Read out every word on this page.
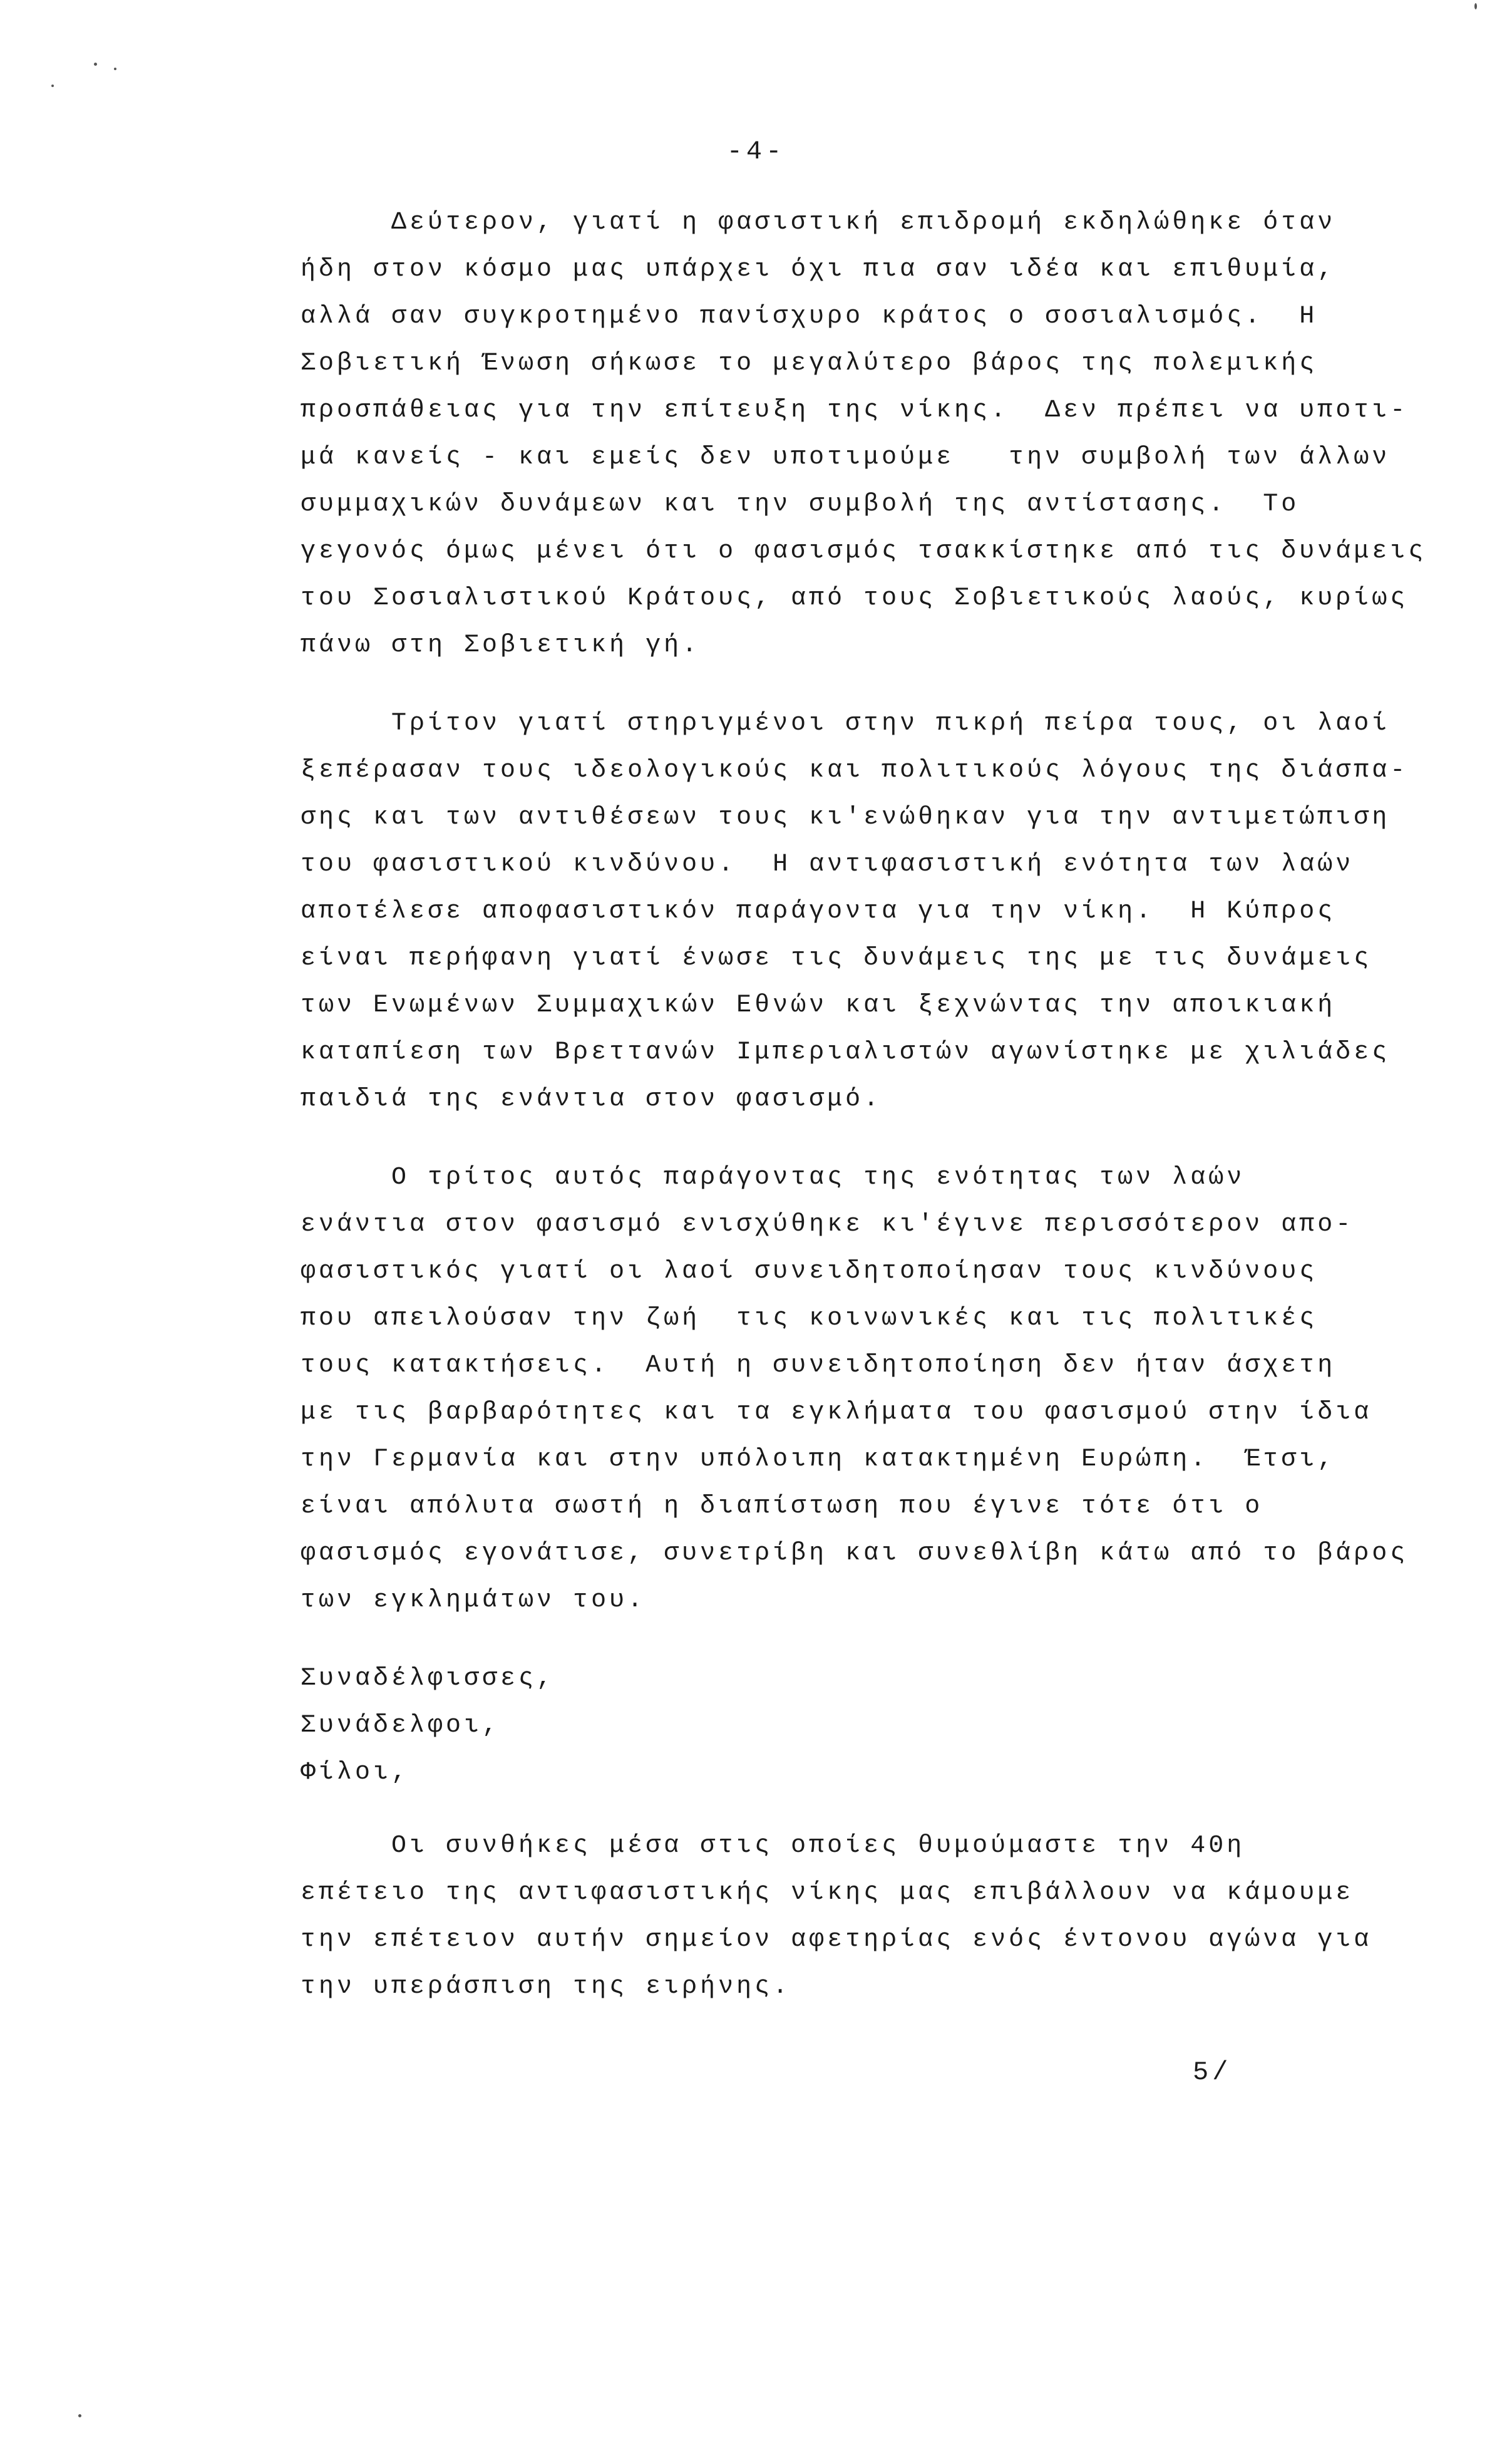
-4-
Δεύτερον, γιατί η φασιστική επιδρομή εκδηλώθηκε όταν
ήδη στον κόσμο μας υπάρχει όχι πια σαν ιδέα και επιθυμία,
αλλά σαν συγκροτημένο πανίσχυρο κράτος ο σοσιαλισμός.  Η
Σοβιετική Ένωση σήκωσε το μεγαλύτερο βάρος της πολεμικής
προσπάθειας για την επίτευξη της νίκης.  Δεν πρέπει να υποτι-
μά κανείς - και εμείς δεν υποτιμούμε   την συμβολή των άλλων
συμμαχικών δυνάμεων και την συμβολή της αντίστασης.  Το
γεγονός όμως μένει ότι ο φασισμός τσακκίστηκε από τις δυνάμεις
του Σοσιαλιστικού Κράτους, από τους Σοβιετικούς λαούς, κυρίως
πάνω στη Σοβιετική γή.
Τρίτον γιατί στηριγμένοι στην πικρή πείρα τους, οι λαοί
ξεπέρασαν τους ιδεολογικούς και πολιτικούς λόγους της διάσπα-
σης και των αντιθέσεων τους κι'ενώθηκαν για την αντιμετώπιση
του φασιστικού κινδύνου.  Η αντιφασιστική ενότητα των λαών
αποτέλεσε αποφασιστικόν παράγοντα για την νίκη.  Η Κύπρος
είναι περήφανη γιατί ένωσε τις δυνάμεις της με τις δυνάμεις
των Ενωμένων Συμμαχικών Εθνών και ξεχνώντας την αποικιακή
καταπίεση των Βρεττανών Ιμπεριαλιστών αγωνίστηκε με χιλιάδες
παιδιά της ενάντια στον φασισμό.
Ο τρίτος αυτός παράγοντας της ενότητας των λαών
ενάντια στον φασισμό ενισχύθηκε κι'έγινε περισσότερον απο-
φασιστικός γιατί οι λαοί συνειδητοποίησαν τους κινδύνους
που απειλούσαν την ζωή  τις κοινωνικές και τις πολιτικές
τους κατακτήσεις.  Αυτή η συνειδητοποίηση δεν ήταν άσχετη
με τις βαρβαρότητες και τα εγκλήματα του φασισμού στην ίδια
την Γερμανία και στην υπόλοιπη κατακτημένη Ευρώπη.  Έτσι,
είναι απόλυτα σωστή η διαπίστωση που έγινε τότε ότι ο
φασισμός εγονάτισε, συνετρίβη και συνεθλίβη κάτω από το βάρος
των εγκλημάτων του.
Συναδέλφισσες,
Συνάδελφοι,
Φίλοι,
Οι συνθήκες μέσα στις οποίες θυμούμαστε την 40η
επέτειο της αντιφασιστικής νίκης μας επιβάλλουν να κάμουμε
την επέτειον αυτήν σημείον αφετηρίας ενός έντονου αγώνα για
την υπεράσπιση της ειρήνης.
5/
